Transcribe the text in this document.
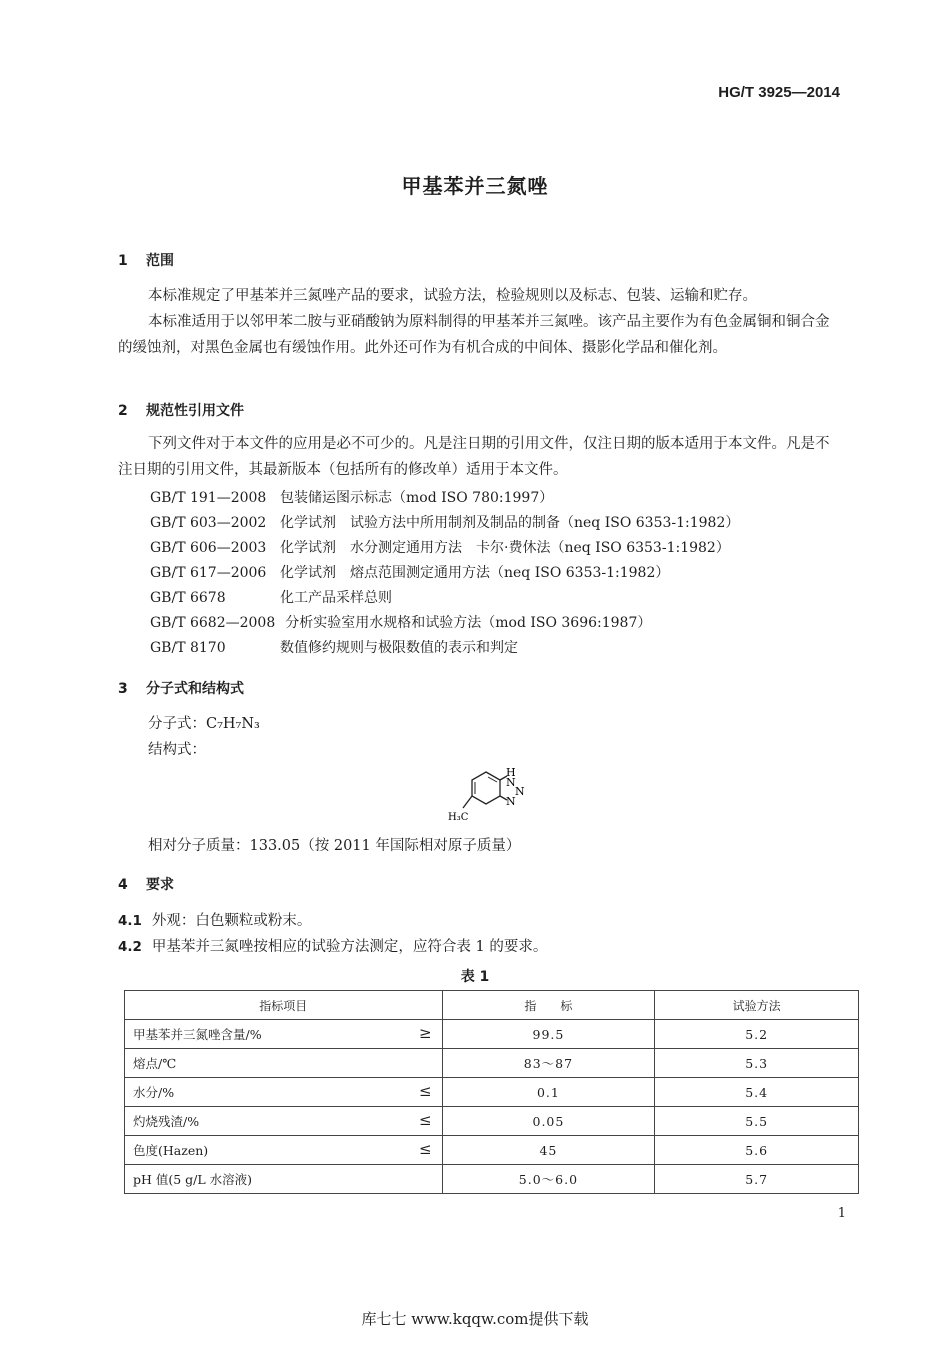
HG/T 3925—2014
甲基苯并三氮唑
1 范围
本标准规定了甲基苯并三氮唑产品的要求，试验方法，检验规则以及标志、包装、运输和贮存。
本标准适用于以邻甲苯二胺与亚硝酸钠为原料制得的甲基苯并三氮唑。该产品主要作为有色金属铜和铜合金的缓蚀剂，对黑色金属也有缓蚀作用。此外还可作为有机合成的中间体、摄影化学品和催化剂。
2 规范性引用文件
下列文件对于本文件的应用是必不可少的。凡是注日期的引用文件，仅注日期的版本适用于本文件。凡是不注日期的引用文件，其最新版本（包括所有的修改单）适用于本文件。
GB/T 191—2008 包装储运图示标志（mod ISO 780:1997）
GB/T 603—2002 化学试剂　试验方法中所用制剂及制品的制备（neq ISO 6353-1:1982）
GB/T 606—2003 化学试剂　水分测定通用方法　卡尔·费休法（neq ISO 6353-1:1982）
GB/T 617—2006 化学试剂　熔点范围测定通用方法（neq ISO 6353-1:1982）
GB/T 6678	化工产品采样总则
GB/T 6682—2008 分析实验室用水规格和试验方法（mod ISO 3696:1987）
GB/T 8170	数值修约规则与极限数值的表示和判定
3 分子式和结构式
分子式：C₇H₇N₃
结构式：
H
N
N
N
H₃C
相对分子质量：133.05（按 2011 年国际相对原子质量）
4 要求
4.1 外观：白色颗粒或粉末。
4.2 甲基苯并三氮唑按相应的试验方法测定，应符合表 1 的要求。
表 1
指标项目	指　　标	试验方法
甲基苯并三氮唑含量/% ≥	99.5	5.2
熔点/℃	83～87	5.3
水分/% ≤	0.1	5.4
灼烧残渣/% ≤	0.05	5.5
色度(Hazen) ≤	45	5.6
pH 值(5 g/L 水溶液)	5.0～6.0	5.7
1
库七七 www.kqqw.com提供下载
